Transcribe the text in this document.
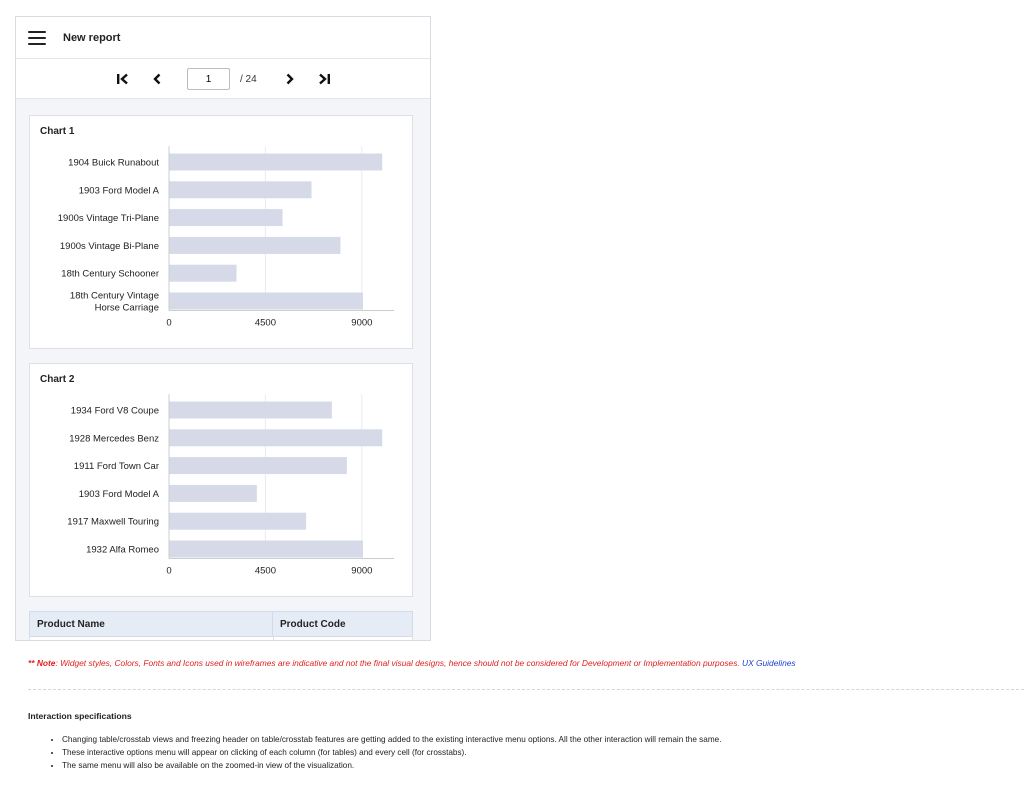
New report
1
/ 24
Chart 1
1904 Buick Runabout
1903 Ford Model A
1900s Vintage Tri-Plane
1900s Vintage Bi-Plane
18th Century Schooner
18th Century Vintage Horse Carriage
0	4500	9000
Chart 2
1934 Ford V8 Coupe
1928 Mercedes Benz
1911 Ford Town Car
1903 Ford Model A
1917 Maxwell Touring
1932 Alfa Romeo
0	4500	9000
Product Name	Product Code
** Note: Widget styles, Colors, Fonts and Icons used in wireframes are indicative and not the final visual designs, hence should not be considered for Development or Implementation purposes. UX Guidelines
Interaction specifications
• Changing table/crosstab views and freezing header on table/crosstab features are getting added to the existing interactive menu options. All the other interaction will remain the same.
• These interactive options menu will appear on clicking of each column (for tables) and every cell (for crosstabs).
• The same menu will also be available on the zoomed-in view of the visualization.
